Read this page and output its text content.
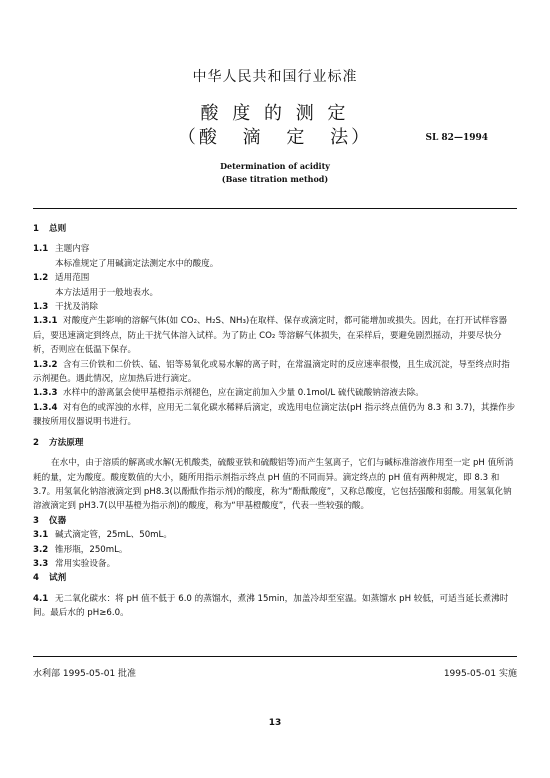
中华人民共和国行业标准
酸 度 的 测 定
（酸 滴 定 法）	SL 82—1994
Determination of acidity
(Base titration method)

1 总则

1.1 主题内容

本标准规定了用碱滴定法测定水中的酸度。

1.2 适用范围

本方法适用于一般地表水。

1.3 干扰及消除

1.3.1 对酸度产生影响的溶解气体(如 CO₂、H₂S、NH₃)在取样、保存或滴定时，都可能增加或损失。因此，在打开试样容器后，要迅速滴定到终点，防止干扰气体溶入试样。为了防止 CO₂ 等溶解气体损失，在采样后，要避免剧烈摇动，并要尽快分析，否则应在低温下保存。

1.3.2 含有三价铁和二价铁、锰、铝等易氧化或易水解的离子时，在常温滴定时的反应速率很慢，且生成沉淀，导至终点时指示剂褪色。遇此情况，应加热后进行滴定。

1.3.3 水样中的游离氯会使甲基橙指示剂褪色，应在滴定前加入少量 0.1mol/L 硫代硫酸钠溶液去除。

1.3.4 对有色的或浑浊的水样，应用无二氧化碳水稀释后滴定，或选用电位滴定法(pH 指示终点值仍为 8.3 和 3.7)，其操作步骤按所用仪器说明书进行。

2 方法原理

在水中，由于溶质的解离或水解(无机酸类，硫酸亚铁和硫酸铝等)而产生氢离子，它们与碱标准溶液作用至一定 pH 值所消耗的量，定为酸度。酸度数值的大小，随所用指示剂指示终点 pH 值的不同而异。滴定终点的 pH 值有两种规定，即 8.3 和 3.7。用氢氧化钠溶液滴定到 pH8.3(以酚酞作指示剂)的酸度，称为“酚酞酸度”，又称总酸度，它包括强酸和弱酸。用氢氧化钠溶液滴定到 pH3.7(以甲基橙为指示剂)的酸度，称为“甲基橙酸度”，代表一些较强的酸。

3 仪器

3.1 碱式滴定管，25mL、50mL。

3.2 锥形瓶，250mL。

3.3 常用实验设备。

4 试剂

4.1 无二氧化碳水：将 pH 值不低于 6.0 的蒸馏水，煮沸 15min，加盖冷却至室温。如蒸馏水 pH 较低，可适当延长煮沸时间。最后水的 pH≥6.0。

水利部 1995-05-01 批准	1995-05-01 实施
13
